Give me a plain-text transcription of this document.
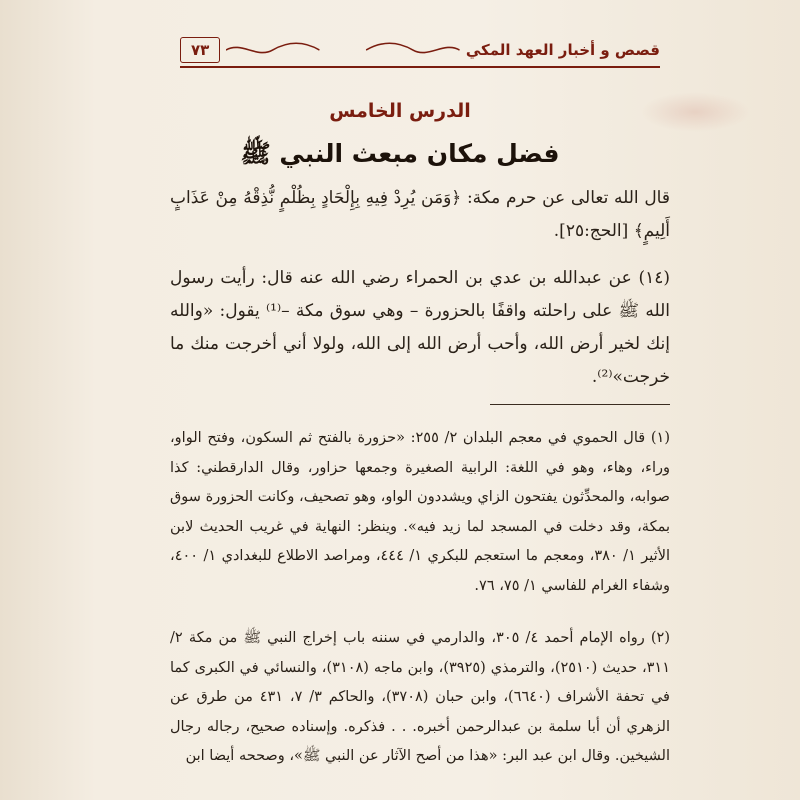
٧٣	قصص و أخبار العهد المكي
الدرس الخامس
فضل مكان مبعث النبي ﷺ
قال الله تعالى عن حرم مكة: ﴿وَمَن يُرِدْ فِيهِ بِإِلْحَادٍ بِظُلْمٍ نُّذِقْهُ مِنْ عَذَابٍ أَلِيمٍ﴾ [الحج:٢٥].
(١٤) عن عبدالله بن عدي بن الحمراء رضي الله عنه قال: رأيت رسول الله ﷺ على راحلته واقفًا بالحزورة – وهي سوق مكة –⁽¹⁾ يقول: «والله إنك لخير أرض الله، وأحب أرض الله إلى الله، ولولا أني أخرجت منك ما خرجت»⁽²⁾.
(١) قال الحموي في معجم البلدان ٢/ ٢٥٥: «حزورة بالفتح ثم السكون، وفتح الواو، وراء، وهاء، وهو في اللغة: الرابية الصغيرة وجمعها حزاور، وقال الدارقطني: كذا صوابه، والمحدِّثون يفتحون الزاي ويشددون الواو، وهو تصحيف، وكانت الحزورة سوق بمكة، وقد دخلت في المسجد لما زيد فيه». وينظر: النهاية في غريب الحديث لابن الأثير ١/ ٣٨٠، ومعجم ما استعجم للبكري ١/ ٤٤٤، ومراصد الاطلاع للبغدادي ١/ ٤٠٠، وشفاء الغرام للفاسي ١/ ٧٥، ٧٦.
(٢) رواه الإمام أحمد ٤/ ٣٠٥، والدارمي في سننه باب إخراج النبي ﷺ من مكة ٢/ ٣١١، حديث (٢٥١٠)، والترمذي (٣٩٢٥)، وابن ماجه (٣١٠٨)، والنسائي في الكبرى كما في تحفة الأشراف (٦٦٤٠)، وابن حبان (٣٧٠٨)، والحاكم ٣/ ٧، ٤٣١ من طرق عن الزهري أن أبا سلمة بن عبدالرحمن أخبره. . . فذكره. وإسناده صحيح، رجاله رجال الشيخين. وقال ابن عبد البر: «هذا من أصح الآثار عن النبي ﷺ»، وصححه أيضا ابن
